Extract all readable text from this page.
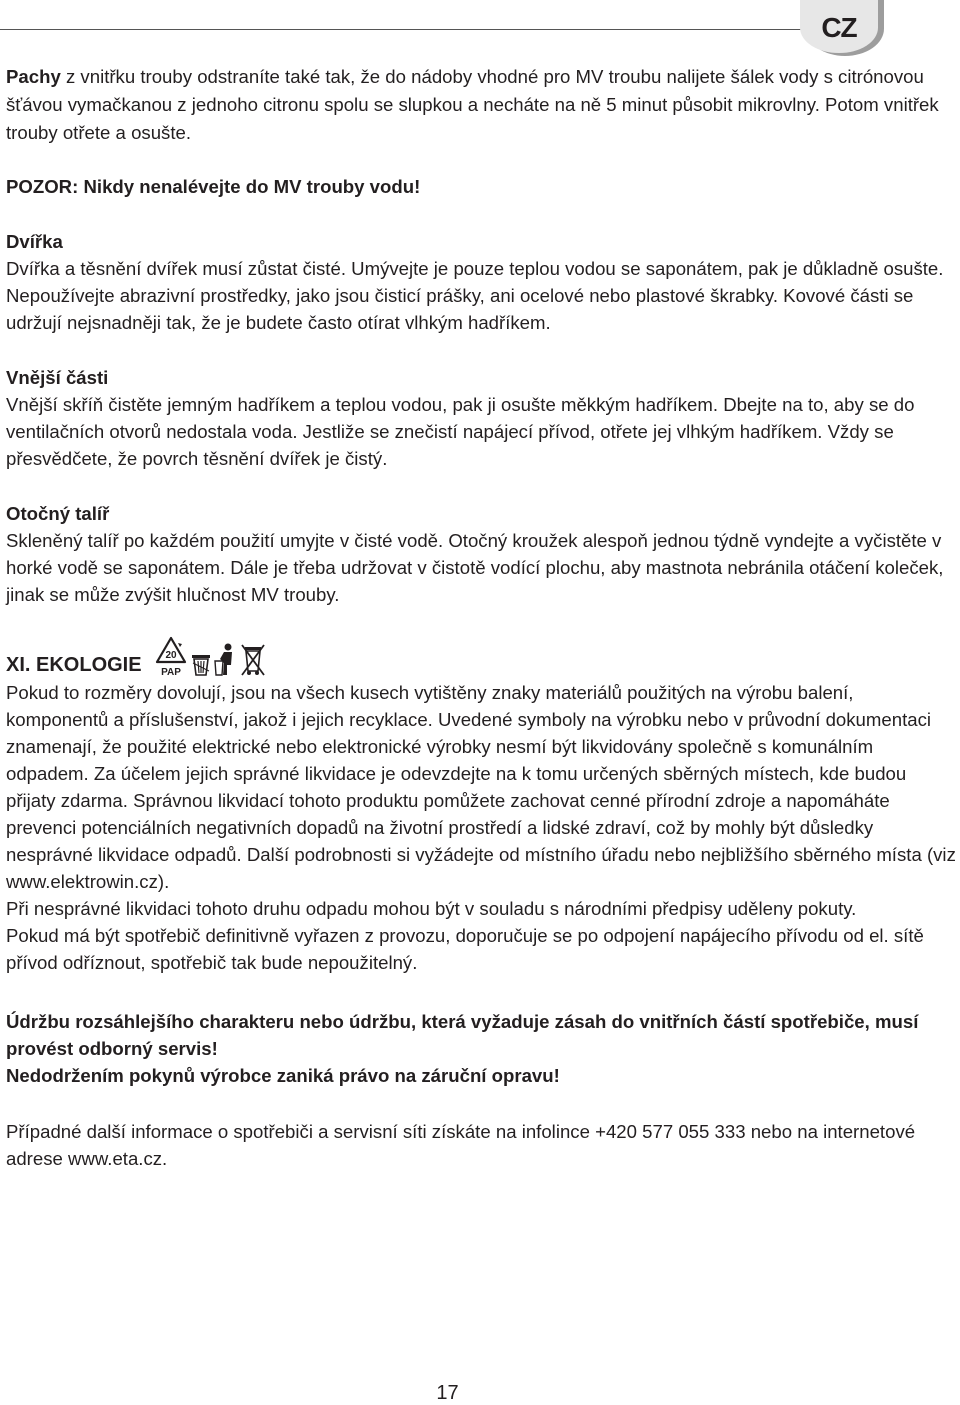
CZ

Pachy z vnitřku trouby odstraníte také tak, že do nádoby vhodné pro MV troubu nalijete šálek vody s citrónovou šťávou vymačkanou z jednoho citronu spolu se slupkou a necháte na ně 5 minut působit mikrovlny. Potom vnitřek trouby otřete a osušte.

POZOR: Nikdy nenalévejte do MV trouby vodu!

Dvířka

Dvířka a těsnění dvířek musí zůstat čisté. Umývejte je pouze teplou vodou se saponátem, pak je důkladně osušte. Nepoužívejte abrazivní prostředky, jako jsou čisticí prášky, ani ocelové nebo plastové škrabky. Kovové části se udržují nejsnadněji tak, že je budete často otírat vlhkým hadříkem.

Vnější části

Vnější skříň čistěte jemným hadříkem a teplou vodou, pak ji osušte měkkým hadříkem. Dbejte na to, aby se do ventilačních otvorů nedostala voda. Jestliže se znečistí napájecí přívod, otřete jej vlhkým hadříkem. Vždy se přesvědčete, že povrch těsnění dvířek je čistý.

Otočný talíř

Skleněný talíř po každém použití umyjte v čisté vodě. Otočný kroužek alespoň jednou týdně vyndejte a vyčistěte v horké vodě se saponátem. Dále je třeba udržovat v čistotě vodící plochu, aby mastnota nebránila otáčení koleček, jinak se může zvýšit hlučnost MV trouby.

XI. EKOLOGIE 20
PAP

Pokud to rozměry dovolují, jsou na všech kusech vytištěny znaky materiálů použitých na výrobu balení, komponentů a příslušenství, jakož i jejich recyklace. Uvedené symboly na výrobku nebo v průvodní dokumentaci znamenají, že použité elektrické nebo elektronické výrobky nesmí být likvidovány společně s komunálním odpadem. Za účelem jejich správné likvidace je odevzdejte na k tomu určených sběrných místech, kde budou přijaty zdarma. Správnou likvidací tohoto produktu pomůžete zachovat cenné přírodní zdroje a napomáháte prevenci potenciálních negativních dopadů na životní prostředí a lidské zdraví, což by mohly být důsledky nesprávné likvidace odpadů. Další podrobnosti si vyžádejte od místního úřadu nebo nejbližšího sběrného místa (viz www.elektrowin.cz).

Při nesprávné likvidaci tohoto druhu odpadu mohou být v souladu s národními předpisy uděleny pokuty.

Pokud má být spotřebič definitivně vyřazen z provozu, doporučuje se po odpojení napájecího přívodu od el. sítě přívod odříznout, spotřebič tak bude nepoužitelný.

Údržbu rozsáhlejšího charakteru nebo údržbu, která vyžaduje zásah do vnitřních částí spotřebiče, musí provést odborný servis!

Nedodržením pokynů výrobce zaniká právo na záruční opravu!

Případné další informace o spotřebiči a servisní síti získáte na infolince +420 577 055 333 nebo na internetové adrese www.eta.cz.

17
